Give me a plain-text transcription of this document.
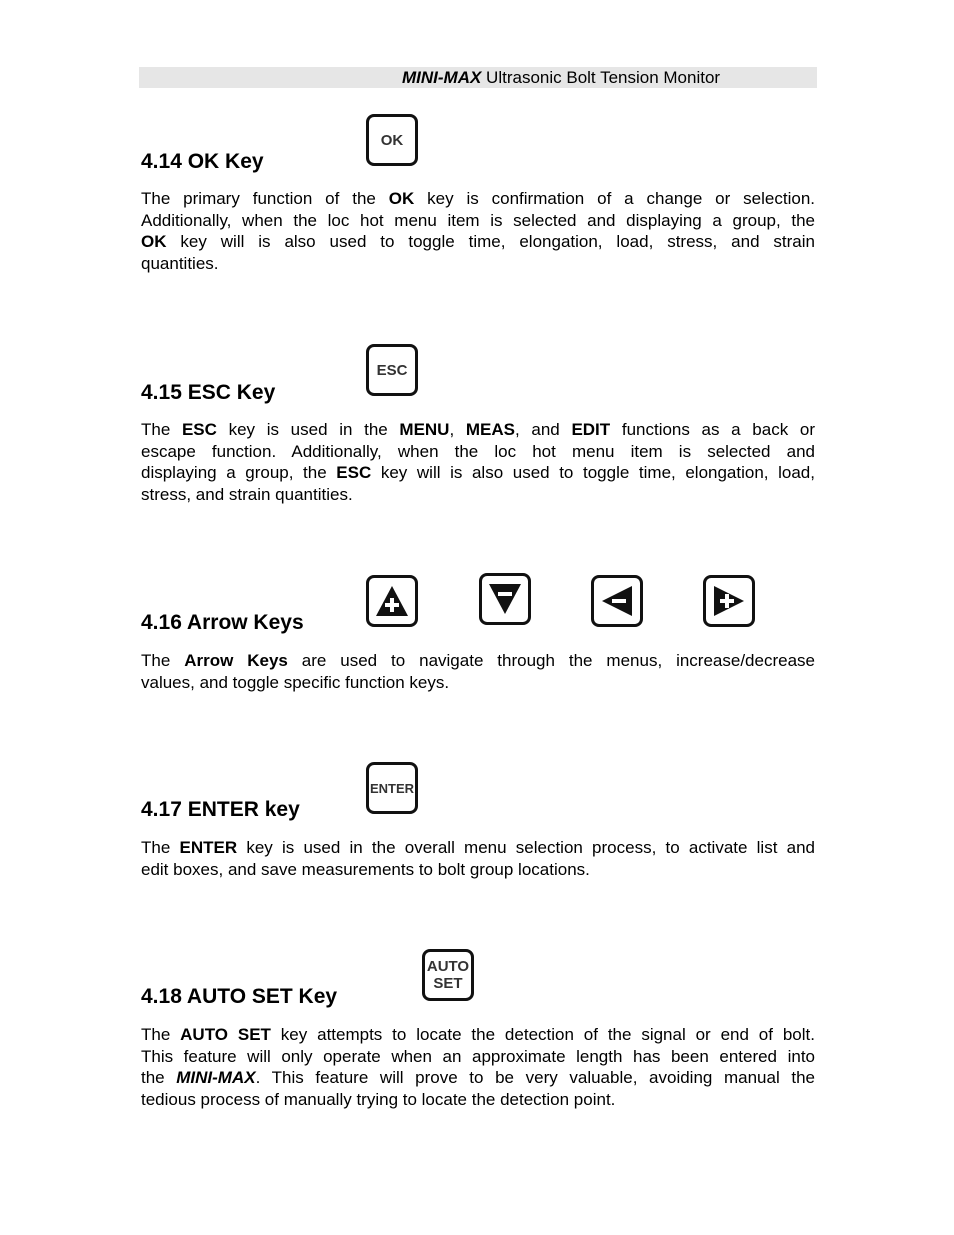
MINI-MAX Ultrasonic Bolt Tension Monitor
4.14 OK Key
OK
The primary function of the OK key is confirmation of a change or selection.
Additionally, when the loc hot menu item is selected and displaying a group, the
OK key will is also used to toggle time, elongation, load, stress, and strain
quantities.
4.15 ESC Key
ESC
The ESC key is used in the MENU, MEAS, and EDIT functions as a back or
escape function. Additionally, when the loc hot menu item is selected and
displaying a group, the ESC key will is also used to toggle time, elongation, load,
stress, and strain quantities.
4.16 Arrow Keys
The Arrow Keys are used to navigate through the menus, increase/decrease
values, and toggle specific function keys.
4.17 ENTER key
ENTER
The ENTER key is used in the overall menu selection process, to activate list and
edit boxes, and save measurements to bolt group locations.
4.18 AUTO SET Key
AUTO
SET
The AUTO SET key attempts to locate the detection of the signal or end of bolt.
This feature will only operate when an approximate length has been entered into
the MINI-MAX. This feature will prove to be very valuable, avoiding manual the
tedious process of manually trying to locate the detection point.
